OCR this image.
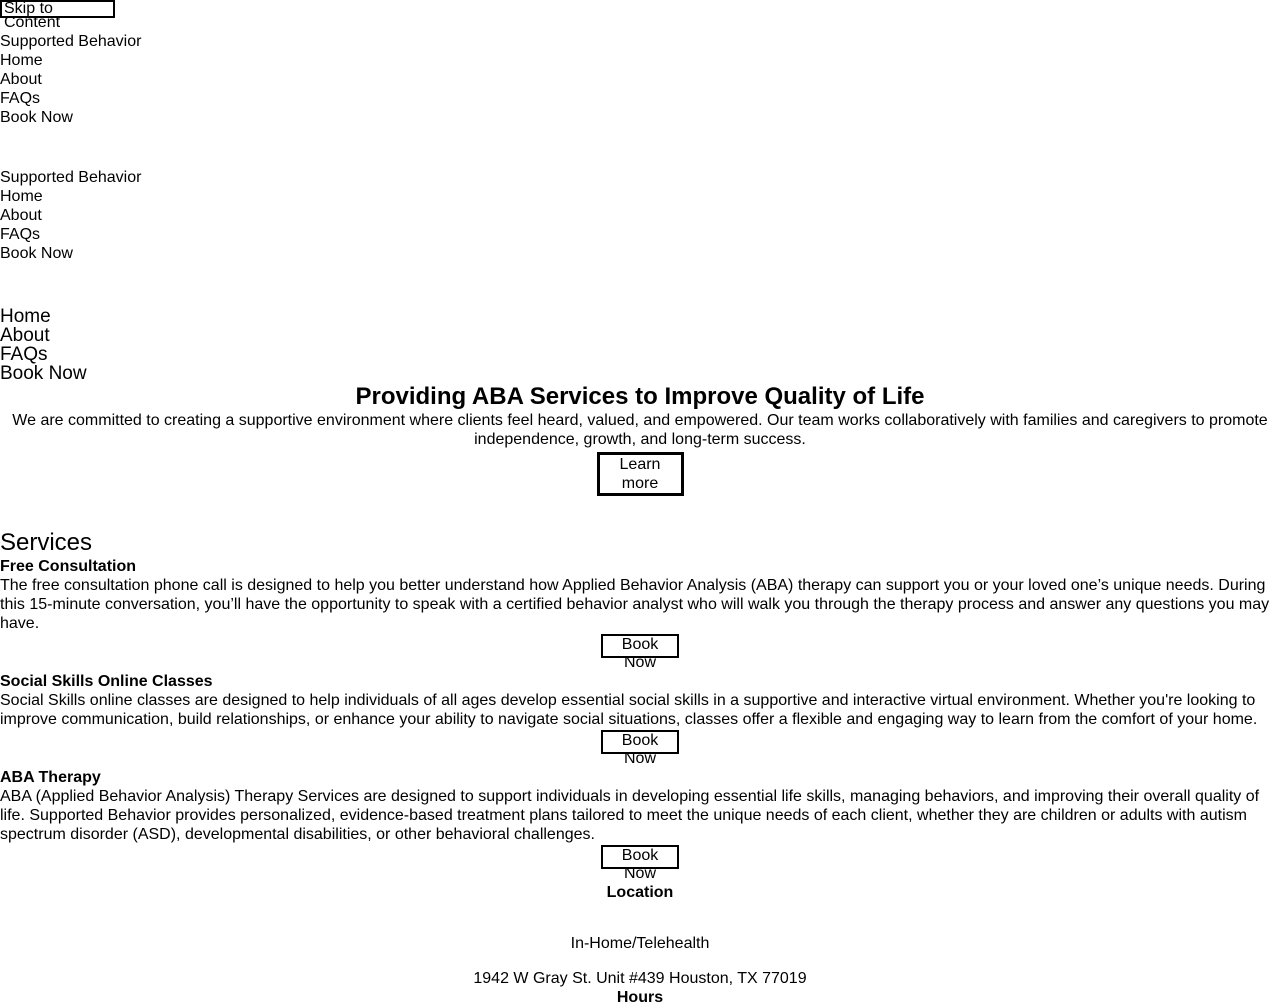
Skip to Content
Supported Behavior
Home
About
FAQs
Book Now
Supported Behavior
Home
About
FAQs
Book Now
Home
About
FAQs
Book Now
Providing ABA Services to Improve Quality of Life

We are committed to creating a supportive environment where clients feel heard, valued, and empowered. Our team works collaboratively with families and caregivers to promote independence, growth, and long-term success.

Learn more
Services
Free Consultation

The free consultation phone call is designed to help you better understand how Applied Behavior Analysis (ABA) therapy can support you or your loved one’s unique needs. During this 15-minute conversation, you’ll have the opportunity to speak with a certified behavior analyst who will walk you through the therapy process and answer any questions you may have.

Book Now
Social Skills Online Classes

Social Skills online classes are designed to help individuals of all ages develop essential social skills in a supportive and interactive virtual environment. Whether you're looking to improve communication, build relationships, or enhance your ability to navigate social situations, classes offer a flexible and engaging way to learn from the comfort of your home.

Book Now
ABA Therapy

ABA (Applied Behavior Analysis) Therapy Services are designed to support individuals in developing essential life skills, managing behaviors, and improving their overall quality of life. Supported Behavior provides personalized, evidence-based treatment plans tailored to meet the unique needs of each client, whether they are children or adults with autism spectrum disorder (ASD), developmental disabilities, or other behavioral challenges.

Book Now
Location

In-Home/Telehealth

1942 W Gray St. Unit #439 Houston, TX 77019

Hours
